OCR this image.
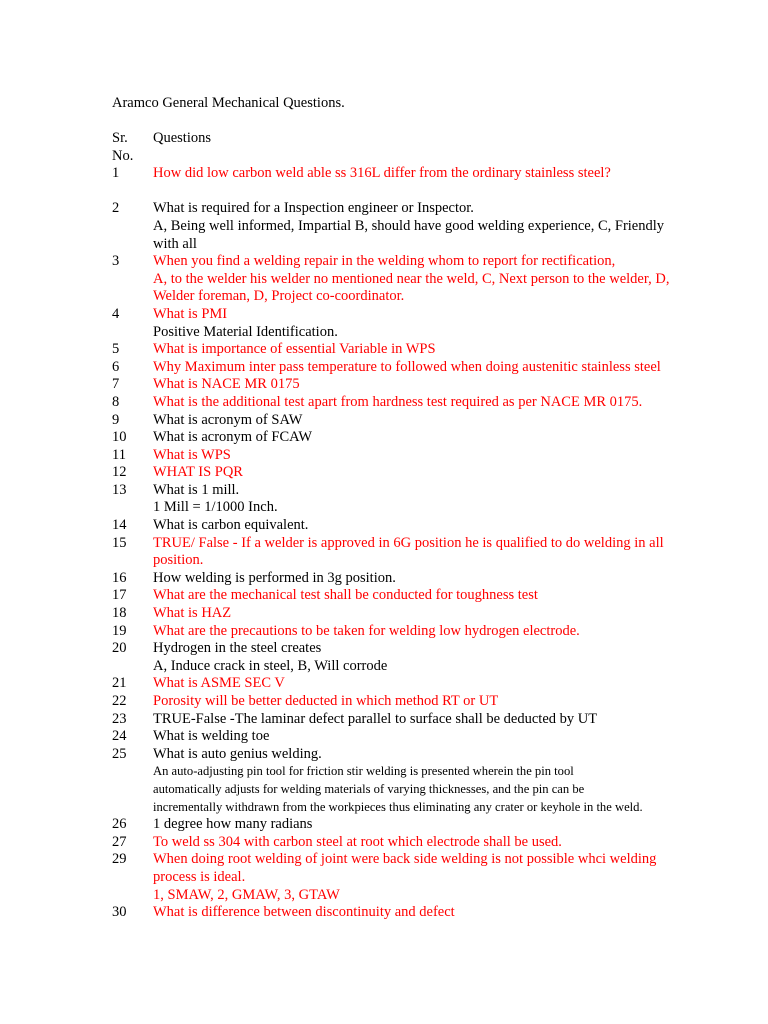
Aramco General Mechanical Questions.
Sr.
No.
Questions
1	How did low carbon weld able ss 316L differ from the ordinary stainless steel?
2	What is required for a Inspection engineer or Inspector.
A, Being well informed, Impartial B, should have good welding experience, C, Friendly
with all
3	When you find a welding repair in the welding whom to report for rectification,
A, to the welder his welder no mentioned near the weld, C, Next person to the welder, D,
Welder foreman, D, Project co-coordinator.
4	What is PMI
Positive Material Identification.
5	What is importance of essential Variable in WPS
6	Why Maximum inter pass temperature to followed when doing austenitic stainless steel
7	What is NACE MR 0175
8	What is the additional test apart from hardness test required as per NACE MR 0175.
9	What is acronym of SAW
10	What is acronym of FCAW
11	What is WPS
12	WHAT IS PQR
13	What is 1 mill.
1 Mill = 1/1000 Inch.
14	What is carbon equivalent.
15	TRUE/ False - If a welder is approved in 6G position he is qualified to do welding in all
position.
16	How welding is performed in 3g position.
17	What are the mechanical test shall be conducted for toughness test
18	What is HAZ
19	What are the precautions to be taken for welding low hydrogen electrode.
20	Hydrogen in the steel creates
A, Induce crack in steel, B, Will corrode
21	What is ASME SEC V
22	Porosity will be better deducted in which method RT or UT
23	TRUE-False -The laminar defect parallel to surface shall be deducted by UT
24	What is welding toe
25	What is auto genius welding.
An auto-adjusting pin tool for friction stir welding is presented wherein the pin tool
automatically adjusts for welding materials of varying thicknesses, and the pin can be
incrementally withdrawn from the workpieces thus eliminating any crater or keyhole in the weld.
26	1 degree how many radians
27	To weld ss 304 with carbon steel at root which electrode shall be used.
29	When doing root welding of joint were back side welding is not possible whci welding
process is ideal.
1, SMAW, 2, GMAW, 3, GTAW
30	What is difference between discontinuity and defect
